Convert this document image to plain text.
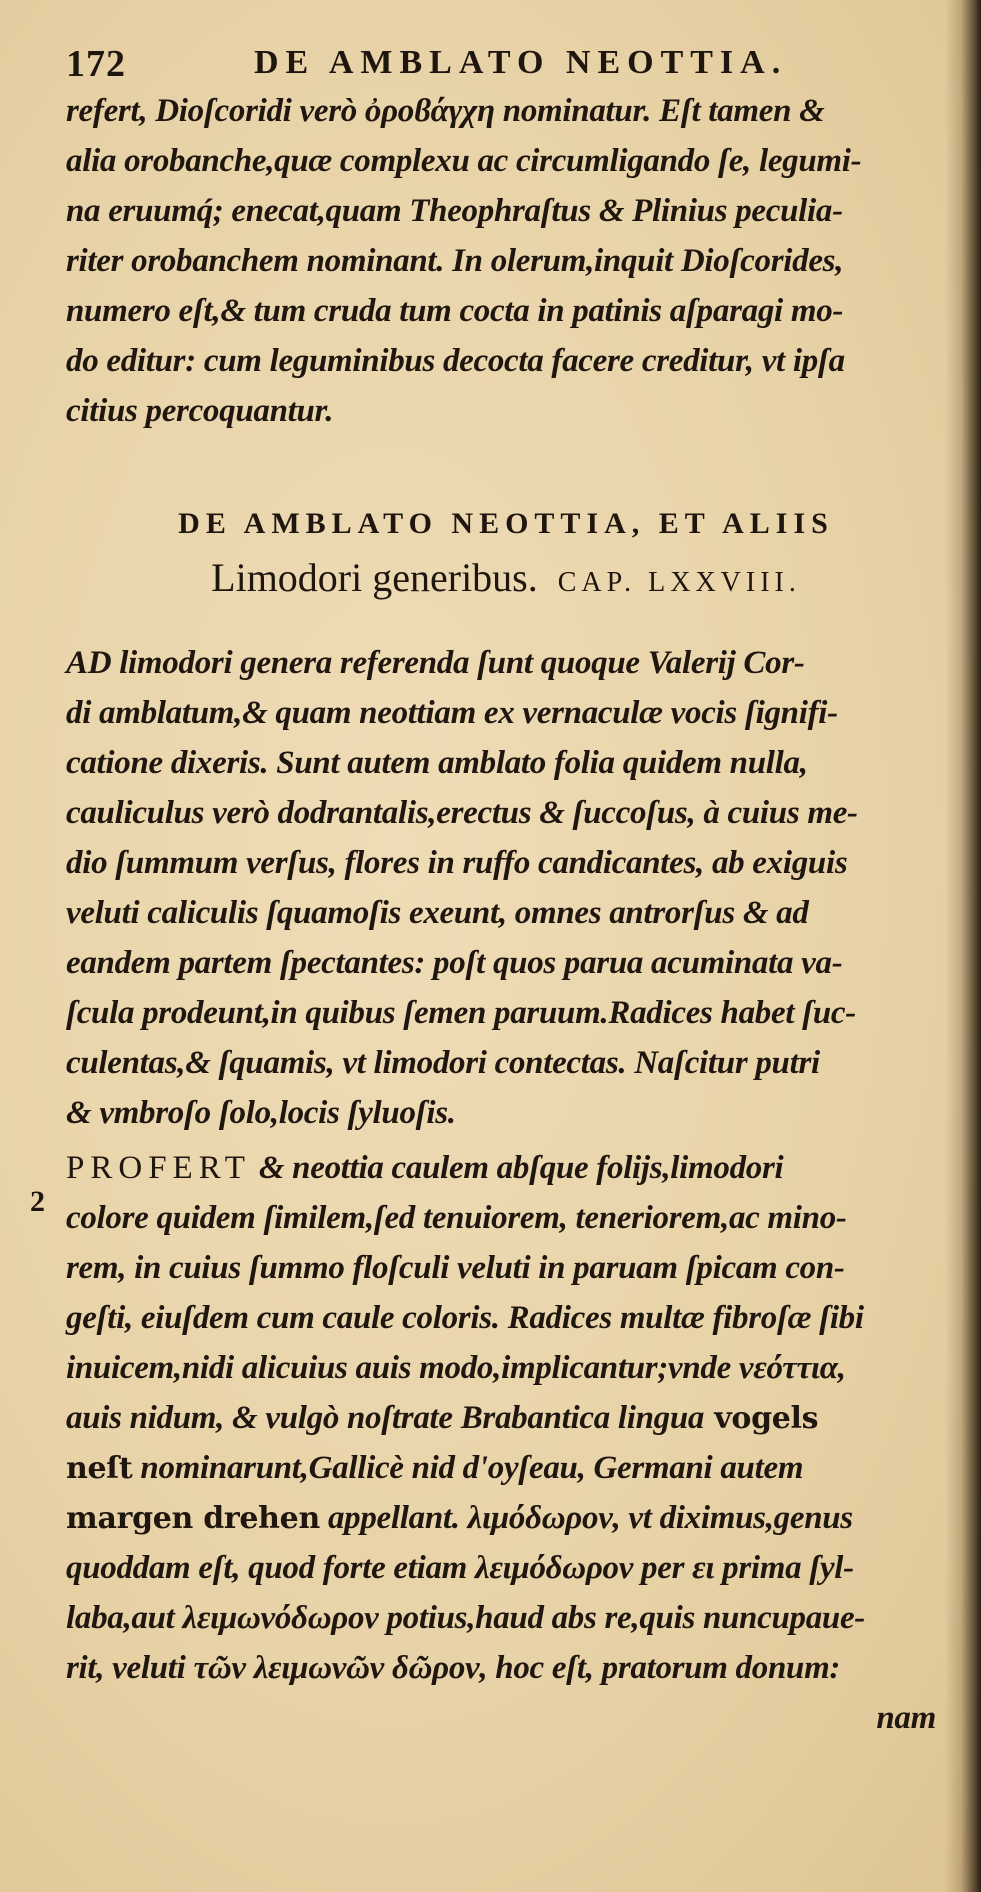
172	DE AMBLATO NEOTTIA.
refert, Dioſcoridi verò ὀροϐάγχη nominatur. Eſt tamen &
alia orobanche,quæ complexu ac circumligando ſe, legumi-
na eruumq́; enecat,quam Theophraſtus & Plinius peculia-
riter orobanchem nominant. In olerum,inquit Dioſcorides,
numero eſt,& tum cruda tum cocta in patinis aſparagi mo-
do editur: cum leguminibus decocta facere creditur, vt ipſa
citius percoquantur.
DE AMBLATO NEOTTIA, ET ALIIS
Limodori generibus. CAP. LXXVIII.
AD limodori genera referenda ſunt quoque Valerij Cor-
di amblatum,& quam neottiam ex vernaculæ vocis ſignifi-
catione dixeris. Sunt autem amblato folia quidem nulla,
cauliculus verò dodrantalis,erectus & ſuccoſus, à cuius me-
dio ſummum verſus, flores in ruffo candicantes, ab exiguis
veluti caliculis ſquamoſis exeunt, omnes antrorſus & ad
eandem partem ſpectantes: poſt quos parua acuminata va-
ſcula prodeunt,in quibus ſemen paruum.Radices habet ſuc-
culentas,& ſquamis, vt limodori contectas. Naſcitur putri
& vmbroſo ſolo,locis ſyluoſis.
2
PROFERT & neottia caulem abſque folijs,limodori
colore quidem ſimilem,ſed tenuiorem, teneriorem,ac mino-
rem, in cuius ſummo floſculi veluti in paruam ſpicam con-
geſti, eiuſdem cum caule coloris. Radices multæ fibroſæ ſibi
inuicem,nidi alicuius auis modo,implicantur;vnde νεόττια,
auis nidum, & vulgò noſtrate Brabantica lingua vogels
neſt nominarunt,Gallicè nid d'oyſeau, Germani autem
margen drehen appellant. λιμόδωρον, vt diximus,genus
quoddam eſt, quod forte etiam λειμόδωρον per ει prima ſyl-
laba,aut λειμωνόδωρον potius,haud abs re,quis nuncupaue-
rit, veluti τῶν λειμωνῶν δῶρον, hoc eſt, pratorum donum:
nam
